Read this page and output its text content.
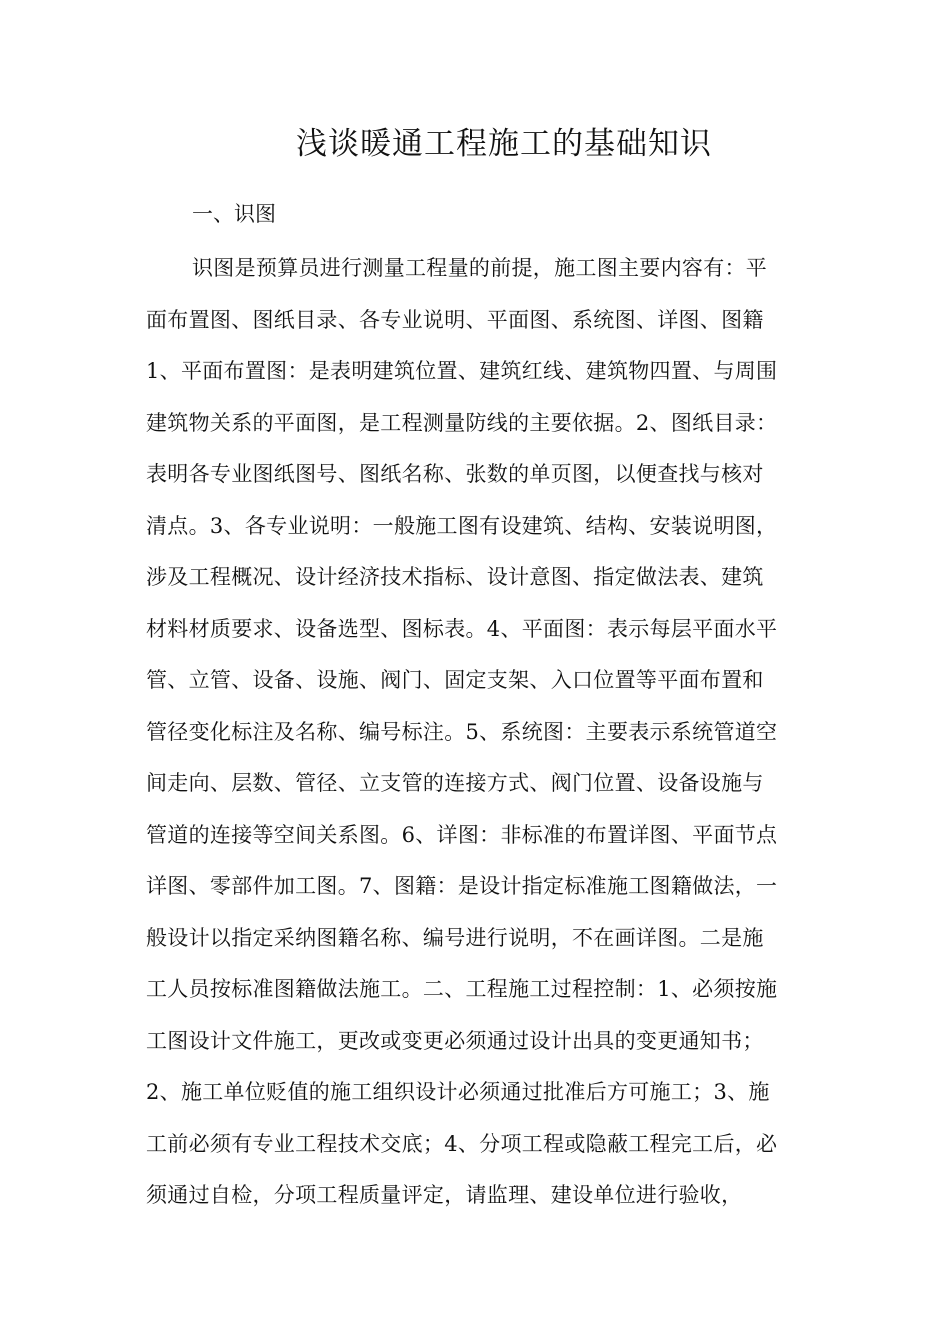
浅谈暖通工程施工的基础知识
一、识图
识图是预算员进行测量工程量的前提，施工图主要内容有：平
面布置图、图纸目录、各专业说明、平面图、系统图、详图、图籍
1、平面布置图：是表明建筑位置、建筑红线、建筑物四置、与周围
建筑物关系的平面图，是工程测量防线的主要依据。2、图纸目录：
表明各专业图纸图号、图纸名称、张数的单页图，以便查找与核对
清点。3、各专业说明：一般施工图有设建筑、结构、安装说明图，
涉及工程概况、设计经济技术指标、设计意图、指定做法表、建筑
材料材质要求、设备选型、图标表。4、平面图：表示每层平面水平
管、立管、设备、设施、阀门、固定支架、入口位置等平面布置和
管径变化标注及名称、编号标注。5、系统图：主要表示系统管道空
间走向、层数、管径、立支管的连接方式、阀门位置、设备设施与
管道的连接等空间关系图。6、详图：非标准的布置详图、平面节点
详图、零部件加工图。7、图籍：是设计指定标准施工图籍做法，一
般设计以指定采纳图籍名称、编号进行说明，不在画详图。二是施
工人员按标准图籍做法施工。二、工程施工过程控制：1、必须按施
工图设计文件施工，更改或变更必须通过设计出具的变更通知书；
2、施工单位贬值的施工组织设计必须通过批准后方可施工；3、施
工前必须有专业工程技术交底；4、分项工程或隐蔽工程完工后，必
须通过自检，分项工程质量评定，请监理、建设单位进行验收，
